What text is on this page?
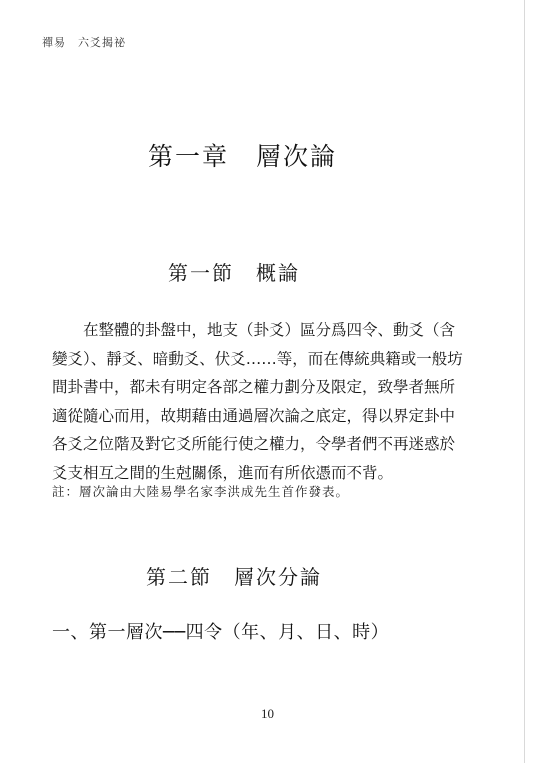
禪易　六爻揭祕
第一章　層次論
第一節　概論
在整體的卦盤中，地支（卦爻）區分爲四令、動爻（含
變爻）、靜爻、暗動爻、伏爻……等，而在傳統典籍或一般坊
間卦書中，都未有明定各部之權力劃分及限定，致學者無所
適從隨心而用，故期藉由通過層次論之底定，得以界定卦中
各爻之位階及對它爻所能行使之權力，令學者們不再迷惑於
爻支相互之間的生尅關係，進而有所依憑而不背。
註：層次論由大陸易學名家李洪成先生首作發表。
第二節　層次分論
一、第一層次──四令（年、月、日、時）
10
